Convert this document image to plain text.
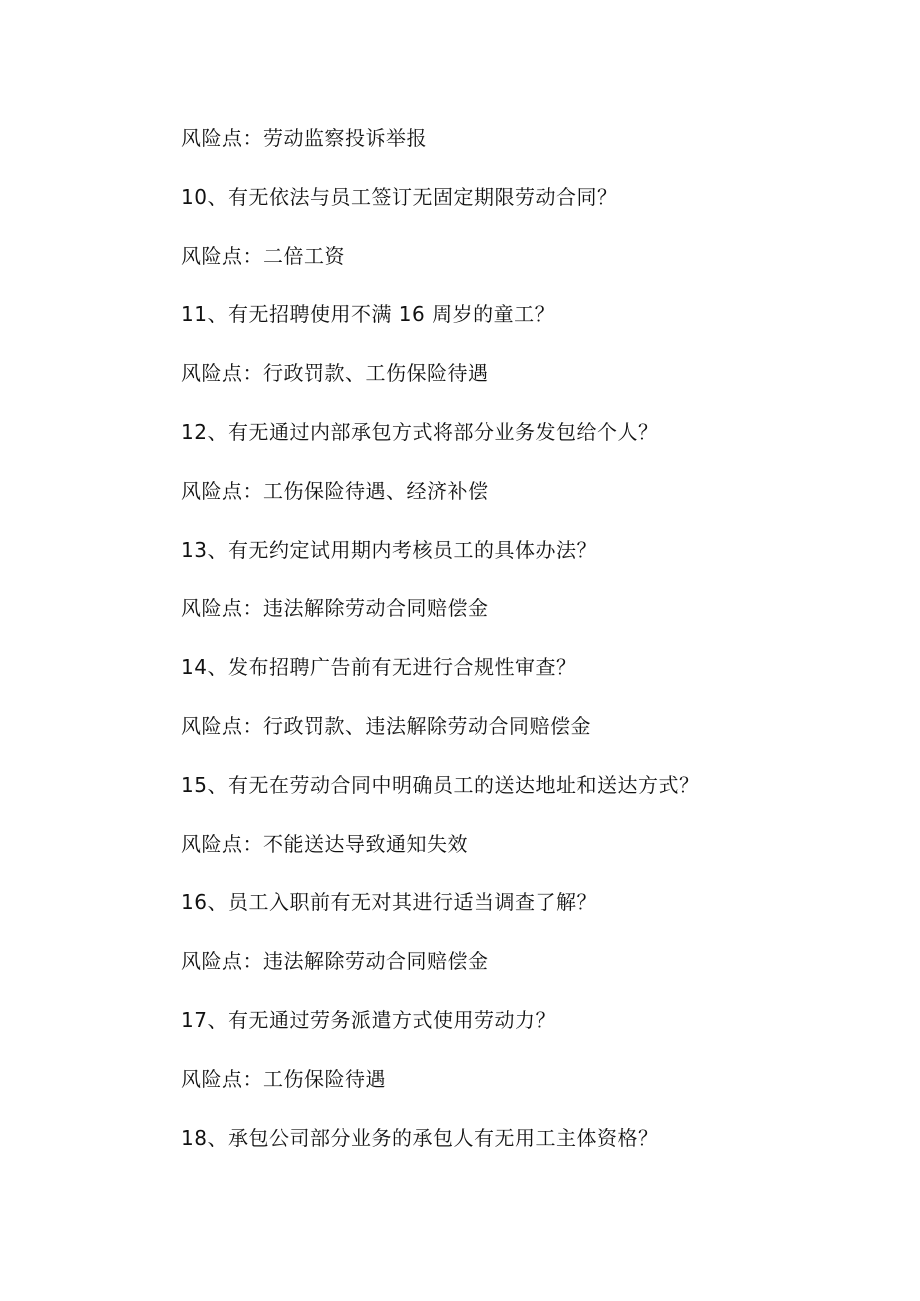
风险点：劳动监察投诉举报
10、有无依法与员工签订无固定期限劳动合同？
风险点：二倍工资
11、有无招聘使用不满 16 周岁的童工？
风险点：行政罚款、工伤保险待遇
12、有无通过内部承包方式将部分业务发包给个人？
风险点：工伤保险待遇、经济补偿
13、有无约定试用期内考核员工的具体办法？
风险点：违法解除劳动合同赔偿金
14、发布招聘广告前有无进行合规性审查？
风险点：行政罚款、违法解除劳动合同赔偿金
15、有无在劳动合同中明确员工的送达地址和送达方式？
风险点：不能送达导致通知失效
16、员工入职前有无对其进行适当调查了解？
风险点：违法解除劳动合同赔偿金
17、有无通过劳务派遣方式使用劳动力？
风险点：工伤保险待遇
18、承包公司部分业务的承包人有无用工主体资格？
